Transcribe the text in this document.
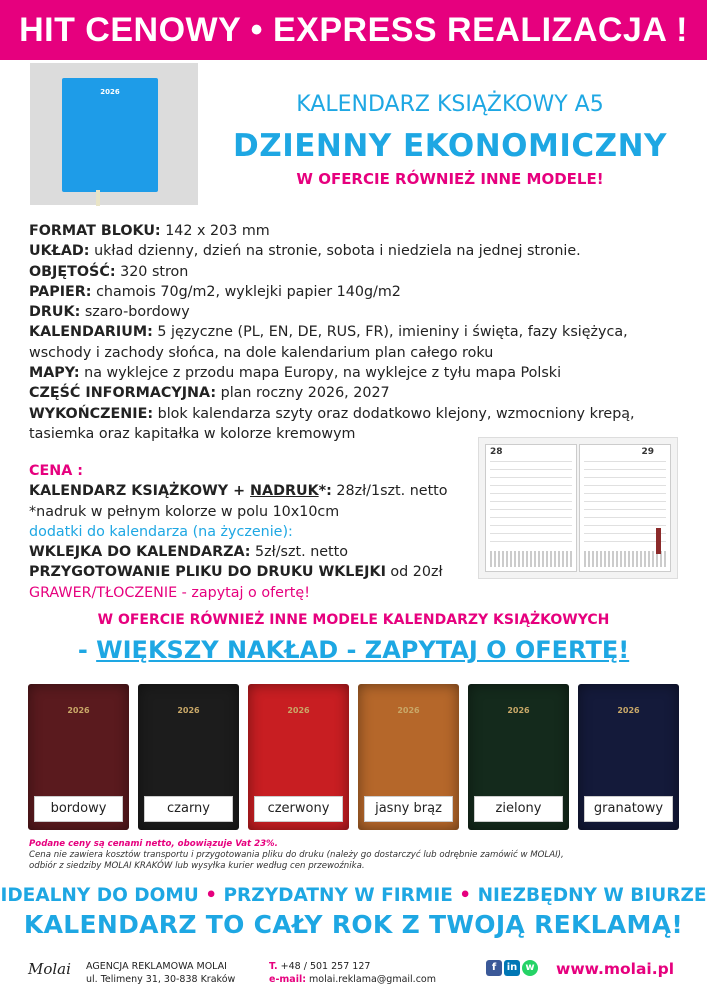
HIT CENOWY • EXPRESS REALIZACJA !
2026	KALENDARZ KSIĄŻKOWY A5
DZIENNY EKONOMICZNY
W OFERCIE RÓWNIEŻ INNE MODELE!
FORMAT BLOKU: 142 x 203 mm
UKŁAD: układ dzienny, dzień na stronie, sobota i niedziela na jednej stronie.
OBJĘTOŚĆ: 320 stron
PAPIER: chamois 70g/m2, wyklejki papier 140g/m2
DRUK: szaro-bordowy
KALENDARIUM: 5 języczne (PL, EN, DE, RUS, FR), imieniny i święta, fazy księżyca,
wschody i zachody słońca, na dole kalendarium plan całego roku
MAPY: na wyklejce z przodu mapa Europy, na wyklejce z tyłu mapa Polski
CZĘŚĆ INFORMACYJNA: plan roczny 2026, 2027
WYKOŃCZENIE: blok kalendarza szyty oraz dodatkowo klejony, wzmocniony krepą,
tasiemka oraz kapitałka w kolorze kremowym
CENA :
KALENDARZ KSIĄŻKOWY + NADRUK*: 28zł/1szt. netto
*nadruk w pełnym kolorze w polu 10x10cm
dodatki do kalendarza (na życzenie):
WKLEJKA DO KALENDARZA: 5zł/szt. netto
PRZYGOTOWANIE PLIKU DO DRUKU WKLEJKI od 20zł
GRAWER/TŁOCZENIE - zapytaj o ofertę!
28	29
W OFERCIE RÓWNIEŻ INNE MODELE KALENDARZY KSIĄŻKOWYCH
- WIĘKSZY NAKŁAD - ZAPYTAJ O OFERTĘ!
2026
bordowy
2026
czarny
2026
czerwony
2026
jasny brąz
2026
zielony
2026
granatowy
Podane ceny są cenami netto, obowiązuje Vat 23%.
Cena nie zawiera kosztów transportu i przygotowania pliku do druku (należy go dostarczyć lub odrębnie zamówić w MOLAI),
odbiór z siedziby MOLAI KRAKÓW lub wysyłka kurier według cen przewoźnika.
IDEALNY DO DOMU • PRZYDATNY W FIRMIE • NIEZBĘDNY W BIURZE
KALENDARZ TO CAŁY ROK Z TWOJĄ REKLAMĄ!
Molai	AGENCJA REKLAMOWA MOLAI
ul. Telimeny 31, 30-838 Kraków
T. +48 / 501 257 127
e-mail: molai.reklama@gmail.com
f	in w www.molai.pl
